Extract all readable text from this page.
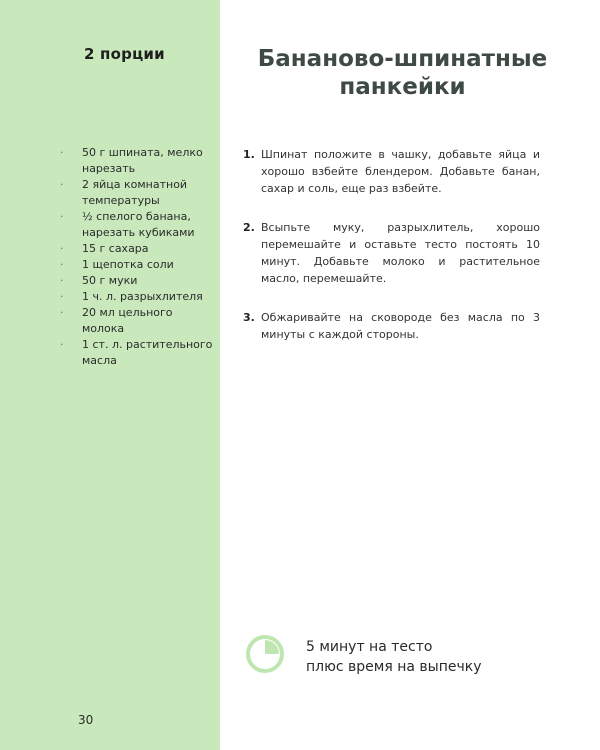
2 порции
· 50 г шпината, мелко нарезать
· 2 яйца комнатной температуры
· ½ спелого банана, нарезать кубиками
· 15 г сахара
· 1 щепотка соли
· 50 г муки
· 1 ч. л. разрыхлителя
· 20 мл цельного молока
· 1 ст. л. растительного масла
30
Бананово-шпинатные
панкейки
1. Шпинат положите в чашку, добавьте яйца и хорошо взбейте блендером. Добавьте банан, сахар и соль, еще раз взбейте.
2. Всыпьте муку, разрыхлитель, хорошо перемешайте и оставьте тесто постоять 10 минут. Добавьте молоко и растительное масло, перемешайте.
3. Обжаривайте на сковороде без масла по 3 минуты с каждой стороны.
5 минут на тесто
плюс время на выпечку
